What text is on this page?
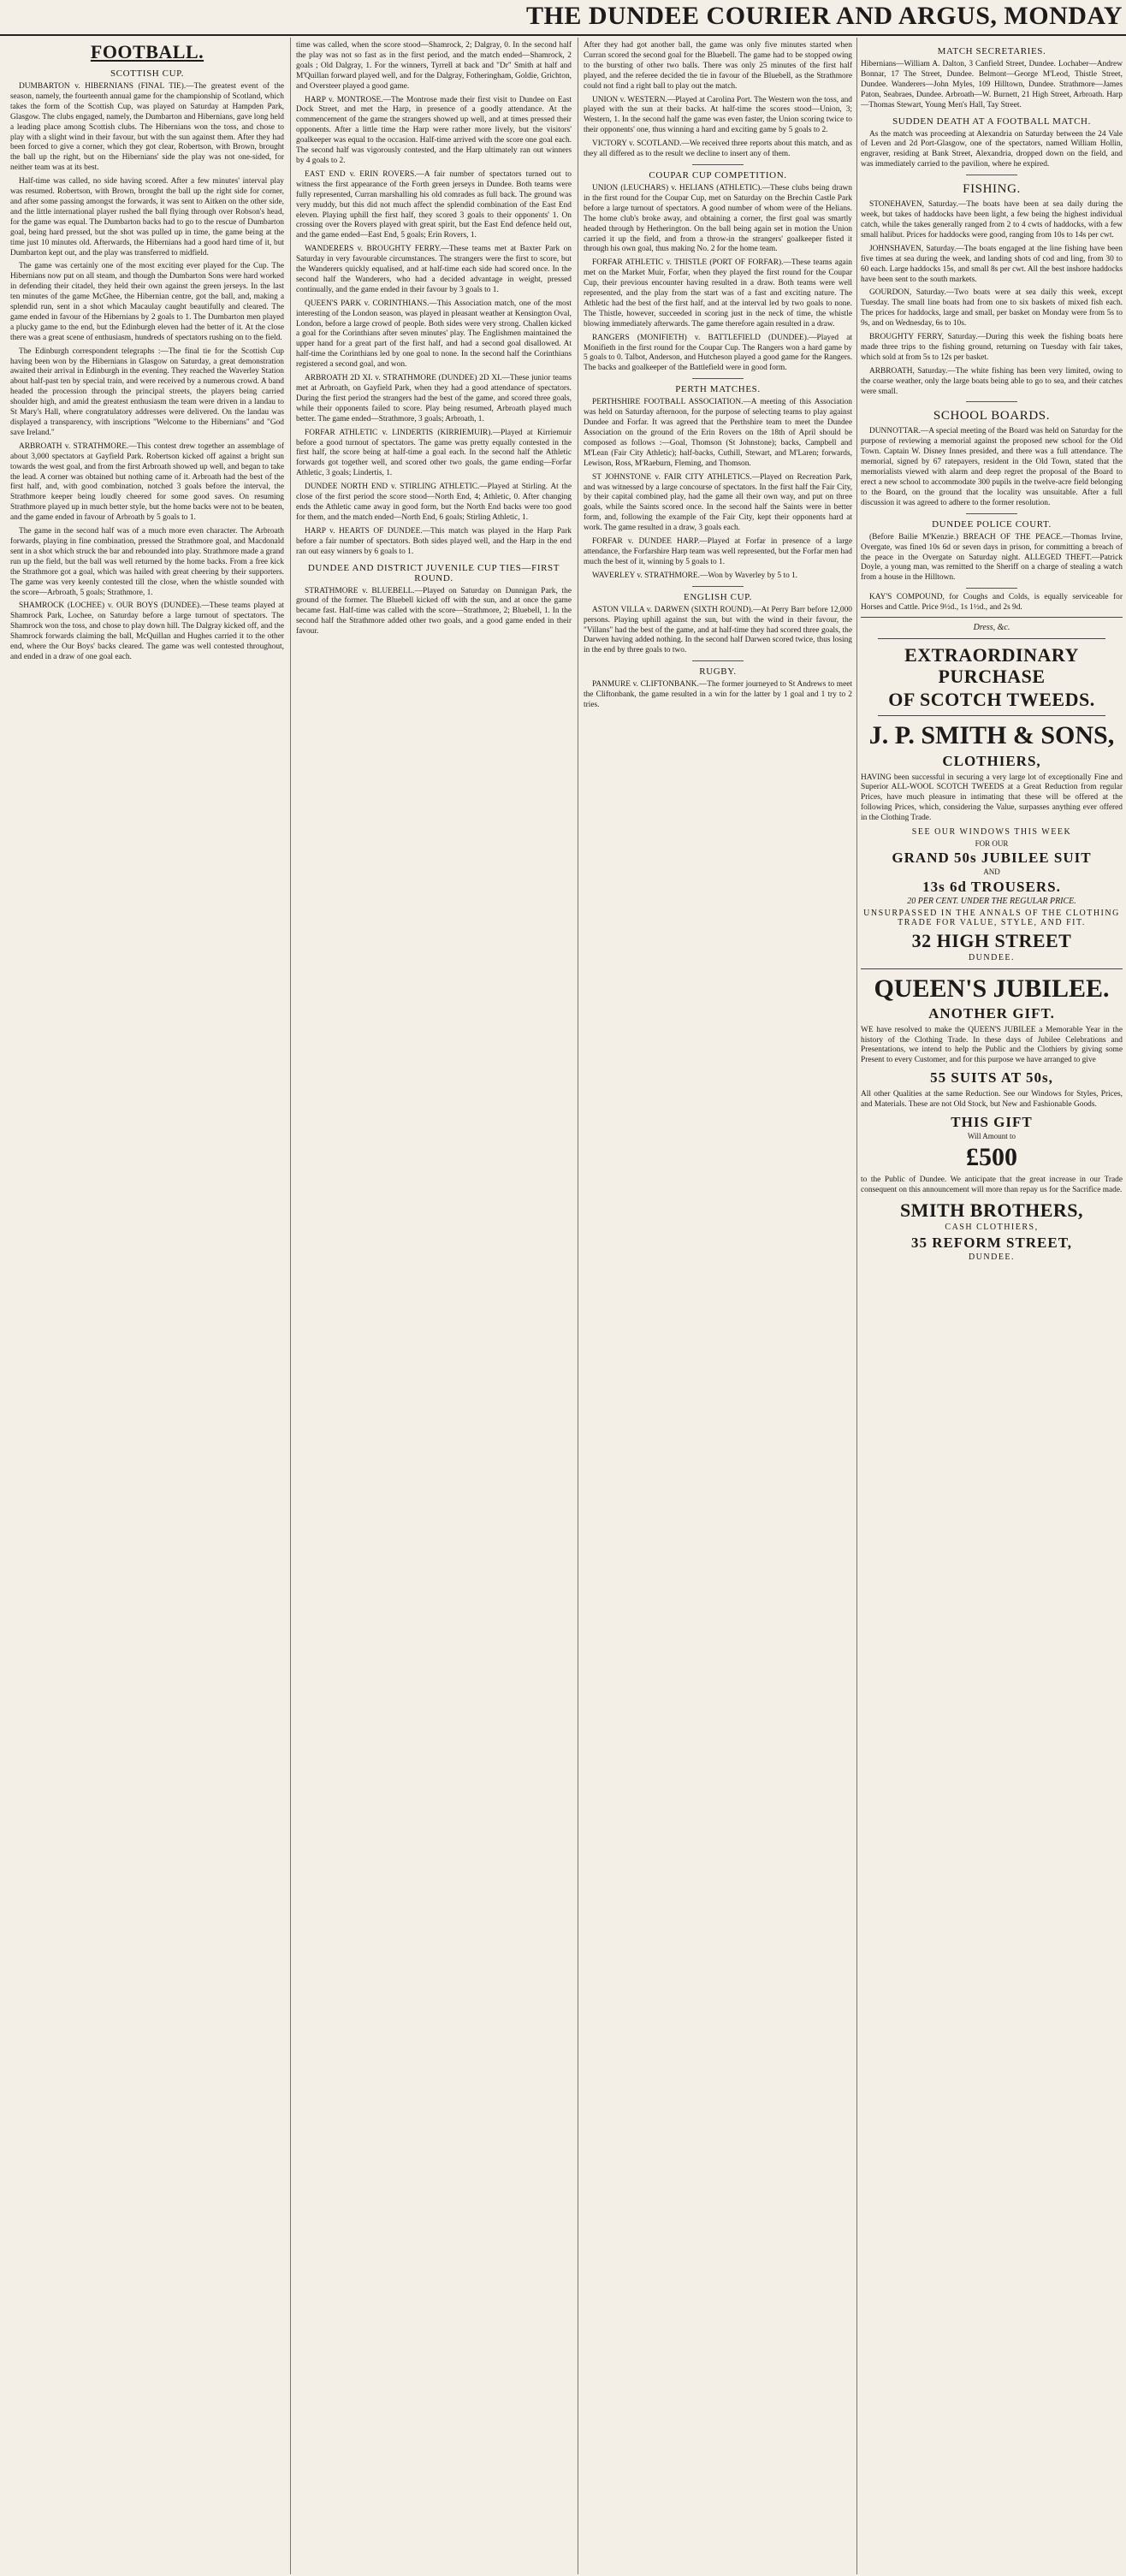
THE DUNDEE COURIER AND ARGUS, MONDAY
FOOTBALL.
SCOTTISH CUP.

DUMBARTON v. HIBERNIANS (FINAL TIE).—The greatest event of the season, namely, the fourteenth annual game for the championship of Scotland, which takes the form of the Scottish Cup, was played on Saturday at Hampden Park, Glasgow. The clubs engaged, namely, the Dumbarton and Hibernians, gave long held a leading place among Scottish clubs. The Hibernians won the toss, and chose to play with a slight wind in their favour, but with the sun against them. After they had been forced to give a corner, which they got clear, Robertson, with Brown, brought the ball up the right, but on the Hibernians' side the play was not one-sided, for neither team was at its best.

Half-time was called, no side having scored. After a few minutes' interval play was resumed. Robertson, with Brown, brought the ball up the right side for corner, and after some passing amongst the forwards, it was sent to Aitken on the other side, and the little international player rushed the ball flying through over Robson's head, for the game was equal. The Dumbarton backs had to go to the rescue of Dumbarton goal, being hard pressed, but the shot was pulled up in time, the game being at the time just 10 minutes old. Afterwards, the Hibernians had a good hard time of it, but Dumbarton kept out, and the play was transferred to midfield.

The game was certainly one of the most exciting ever played for the Cup. The Hibernians now put on all steam, and though the Dumbarton Sons were hard worked in defending their citadel, they held their own against the green jerseys. In the last ten minutes of the game McGhee, the Hibernian centre, got the ball, and, making a splendid run, sent in a shot which Macaulay caught beautifully and cleared. The game ended in favour of the Hibernians by 2 goals to 1. The Dumbarton men played a plucky game to the end, but the Edinburgh eleven had the better of it. At the close there was a great scene of enthusiasm, hundreds of spectators rushing on to the field.

The Edinburgh correspondent telegraphs :—The final tie for the Scottish Cup having been won by the Hibernians in Glasgow on Saturday, a great demonstration awaited their arrival in Edinburgh in the evening. They reached the Waverley Station about half-past ten by special train, and were received by a numerous crowd. A band headed the procession through the principal streets, the players being carried shoulder high, and amid the greatest enthusiasm the team were driven in a landau to St Mary's Hall, where congratulatory addresses were delivered. On the landau was displayed a transparency, with inscriptions "Welcome to the Hibernians" and "God save Ireland."

ARBROATH v. STRATHMORE.—This contest drew together an assemblage of about 3,000 spectators at Gayfield Park. Robertson kicked off against a bright sun towards the west goal, and from the first Arbroath showed up well, and began to take the lead. A corner was obtained but nothing came of it. Arbroath had the best of the first half, and, with good combination, notched 3 goals before the interval, the Strathmore keeper being loudly cheered for some good saves. On resuming Strathmore played up in much better style, but the home backs were not to be beaten, and the game ended in favour of Arbroath by 5 goals to 1.

The game in the second half was of a much more even character. The Arbroath forwards, playing in fine combination, pressed the Strathmore goal, and Macdonald sent in a shot which struck the bar and rebounded into play. Strathmore made a grand run up the field, but the ball was well returned by the home backs. From a free kick the Strathmore got a goal, which was hailed with great cheering by their supporters. The game was very keenly contested till the close, when the whistle sounded with the score—Arbroath, 5 goals; Strathmore, 1.

SHAMROCK (LOCHEE) v. OUR BOYS (DUNDEE).—These teams played at Shamrock Park, Lochee, on Saturday before a large turnout of spectators. The Shamrock won the toss, and chose to play down hill. The Dalgray kicked off, and the Shamrock forwards claiming the ball, McQuillan and Hughes carried it to the other end, where the Our Boys' backs cleared. The game was well contested throughout, and ended in a draw of one goal each.

time was called, when the score stood—Shamrock, 2; Dalgray, 0. In the second half the play was not so fast as in the first period, and the match ended—Shamrock, 2 goals ; Old Dalgray, 1. For the winners, Tyrrell at back and "Dr" Smith at half and M'Quillan forward played well, and for the Dalgray, Fotheringham, Goldie, Grichton, and Oversteer played a good game.

HARP v. MONTROSE.—The Montrose made their first visit to Dundee on East Dock Street, and met the Harp, in presence of a goodly attendance. At the commencement of the game the strangers showed up well, and at times pressed their opponents. After a little time the Harp were rather more lively, but the visitors' goalkeeper was equal to the occasion. Half-time arrived with the score one goal each. The second half was vigorously contested, and the Harp ultimately ran out winners by 4 goals to 2.

EAST END v. ERIN ROVERS.—A fair number of spectators turned out to witness the first appearance of the Forth green jerseys in Dundee. Both teams were fully represented, Curran marshalling his old comrades as full back. The ground was very muddy, but this did not much affect the splendid combination of the East End eleven. Playing uphill the first half, they scored 3 goals to their opponents' 1. On crossing over the Rovers played with great spirit, but the East End defence held out, and the game ended—East End, 5 goals; Erin Rovers, 1.

WANDERERS v. BROUGHTY FERRY.—These teams met at Baxter Park on Saturday in very favourable circumstances. The strangers were the first to score, but the Wanderers quickly equalised, and at half-time each side had scored once. In the second half the Wanderers, who had a decided advantage in weight, pressed continually, and the game ended in their favour by 3 goals to 1.

QUEEN'S PARK v. CORINTHIANS.—This Association match, one of the most interesting of the London season, was played in pleasant weather at Kensington Oval, London, before a large crowd of people. Both sides were very strong. Challen kicked a goal for the Corinthians after seven minutes' play. The Englishmen maintained the upper hand for a great part of the first half, and had a second goal disallowed. At half-time the Corinthians led by one goal to none. In the second half the Corinthians registered a second goal, and won.

ARBROATH 2D XI. v. STRATHMORE (DUNDEE) 2D XI.—These junior teams met at Arbroath, on Gayfield Park, when they had a good attendance of spectators. During the first period the strangers had the best of the game, and scored three goals, while their opponents failed to score. Play being resumed, Arbroath played much better. The game ended—Strathmore, 3 goals; Arbroath, 1.

FORFAR ATHLETIC v. LINDERTIS (KIRRIEMUIR).—Played at Kirriemuir before a good turnout of spectators. The game was pretty equally contested in the first half, the score being at half-time a goal each. In the second half the Athletic forwards got together well, and scored other two goals, the game ending—Forfar Athletic, 3 goals; Lindertis, 1.

DUNDEE NORTH END v. STIRLING ATHLETIC.—Played at Stirling. At the close of the first period the score stood—North End, 4; Athletic, 0. After changing ends the Athletic came away in good form, but the North End backs were too good for them, and the match ended—North End, 6 goals; Stirling Athletic, 1.

HARP v. HEARTS OF DUNDEE.—This match was played in the Harp Park before a fair number of spectators. Both sides played well, and the Harp in the end ran out easy winners by 6 goals to 1.

DUNDEE AND DISTRICT JUVENILE CUP TIES—FIRST ROUND.

STRATHMORE v. BLUEBELL.—Played on Saturday on Dunnigan Park, the ground of the former. The Bluebell kicked off with the sun, and at once the game became fast. Half-time was called with the score—Strathmore, 2; Bluebell, 1. In the second half the Strathmore added other two goals, and a good game ended in their favour.

After they had got another ball, the game was only five minutes started when Curran scored the second goal for the Bluebell. The game had to be stopped owing to the bursting of other two balls. There was only 25 minutes of the first half played, and the referee decided the tie in favour of the Bluebell, as the Strathmore could not find a right ball to play out the match.

UNION v. WESTERN.—Played at Carolina Port. The Western won the toss, and played with the sun at their backs. At half-time the scores stood—Union, 3; Western, 1. In the second half the game was even faster, the Union scoring twice to their opponents' one, thus winning a hard and exciting game by 5 goals to 2.

VICTORY v. SCOTLAND.—We received three reports about this match, and as they all differed as to the result we decline to insert any of them.

COUPAR CUP COMPETITION.

UNION (LEUCHARS) v. HELIANS (ATHLETIC).—These clubs being drawn in the first round for the Coupar Cup, met on Saturday on the Brechin Castle Park before a large turnout of spectators. A good number of whom were of the Helians. The home club's broke away, and obtaining a corner, the first goal was smartly headed through by Hetherington. On the ball being again set in motion the Union carried it up the field, and from a throw-in the strangers' goalkeeper fisted it through his own goal, thus making No. 2 for the home team.

FORFAR ATHLETIC v. THISTLE (PORT OF FORFAR).—These teams again met on the Market Muir, Forfar, when they played the first round for the Coupar Cup, their previous encounter having resulted in a draw. Both teams were well represented, and the play from the start was of a fast and exciting nature. The Athletic had the best of the first half, and at the interval led by two goals to none. The Thistle, however, succeeded in scoring just in the neck of time, the whistle blowing immediately afterwards. The game therefore again resulted in a draw.

RANGERS (MONIFIETH) v. BATTLEFIELD (DUNDEE).—Played at Monifieth in the first round for the Coupar Cup. The Rangers won a hard game by 5 goals to 0. Talbot, Anderson, and Hutcheson played a good game for the Rangers. The backs and goalkeeper of the Battlefield were in good form.

PERTH MATCHES.

PERTHSHIRE FOOTBALL ASSOCIATION.—A meeting of this Association was held on Saturday afternoon, for the purpose of selecting teams to play against Dundee and Forfar. It was agreed that the Perthshire team to meet the Dundee Association on the ground of the Erin Rovers on the 18th of April should be composed as follows :—Goal, Thomson (St Johnstone); backs, Campbell and M'Lean (Fair City Athletic); half-backs, Cuthill, Stewart, and M'Laren; forwards, Lewison, Ross, M'Raeburn, Fleming, and Thomson.

ST JOHNSTONE v. FAIR CITY ATHLETICS.—Played on Recreation Park, and was witnessed by a large concourse of spectators. In the first half the Fair City, by their capital combined play, had the game all their own way, and put on three goals, while the Saints scored once. In the second half the Saints were in better form, and, following the example of the Fair City, kept their opponents hard at work. The game resulted in a draw, 3 goals each.

FORFAR v. DUNDEE HARP.—Played at Forfar in presence of a large attendance, the Forfarshire Harp team was well represented, but the Forfar men had much the best of it, winning by 5 goals to 1.

WAVERLEY v. STRATHMORE.—Won by Waverley by 5 to 1.

ENGLISH CUP.

ASTON VILLA v. DARWEN (SIXTH ROUND).—At Perry Barr before 12,000 persons. Playing uphill against the sun, but with the wind in their favour, the "Villans" had the best of the game, and at half-time they had scored three goals, the Darwen having added nothing. In the second half Darwen scored twice, thus losing in the end by three goals to two.

RUGBY.

PANMURE v. CLIFTONBANK.—The former journeyed to St Andrews to meet the Cliftonbank, the game resulted in a win for the latter by 1 goal and 1 try to 2 tries.

MATCH SECRETARIES.

Hibernians—William A. Dalton, 3 Canfield Street, Dundee. Lochaber—Andrew Bonnar, 17 The Street, Dundee. Belmont—George M'Leod, Thistle Street, Dundee. Wanderers—John Myles, 109 Hilltown, Dundee. Strathmore—James Paton, Seabraes, Dundee. Arbroath—W. Burnett, 21 High Street, Arbroath. Harp—Thomas Stewart, Young Men's Hall, Tay Street.

SUDDEN DEATH AT A FOOTBALL MATCH.

As the match was proceeding at Alexandria on Saturday between the 24 Vale of Leven and 2d Port-Glasgow, one of the spectators, named William Hollin, engraver, residing at Bank Street, Alexandria, dropped down on the field, and was immediately carried to the pavilion, where he expired.

FISHING.

STONEHAVEN, Saturday.—The boats have been at sea daily during the week, but takes of haddocks have been light, a few being the highest individual catch, while the takes generally ranged from 2 to 4 cwts of haddocks, with a few small halibut. Prices for haddocks were good, ranging from 10s to 14s per cwt.

JOHNSHAVEN, Saturday.—The boats engaged at the line fishing have been five times at sea during the week, and landing shots of cod and ling, from 30 to 60 each. Large haddocks 15s, and small 8s per cwt. All the best inshore haddocks have been sent to the south markets.

GOURDON, Saturday.—Two boats were at sea daily this week, except Tuesday. The small line boats had from one to six baskets of mixed fish each. The prices for haddocks, large and small, per basket on Monday were from 5s to 9s, and on Wednesday, 6s to 10s.

BROUGHTY FERRY, Saturday.—During this week the fishing boats here made three trips to the fishing ground, returning on Tuesday with fair takes, which sold at from 5s to 12s per basket.

ARBROATH, Saturday.—The white fishing has been very limited, owing to the coarse weather, only the large boats being able to go to sea, and their catches were small.

SCHOOL BOARDS.

DUNNOTTAR.—A special meeting of the Board was held on Saturday for the purpose of reviewing a memorial against the proposed new school for the Old Town. Captain W. Disney Innes presided, and there was a full attendance. The memorial, signed by 67 ratepayers, resident in the Old Town, stated that the memorialists viewed with alarm and deep regret the proposal of the Board to erect a new school to accommodate 300 pupils in the twelve-acre field belonging to the Board, on the ground that the locality was unsuitable. After a full discussion it was agreed to adhere to the former resolution.

DUNDEE POLICE COURT.

(Before Bailie M'Kenzie.) BREACH OF THE PEACE.—Thomas Irvine, Overgate, was fined 10s 6d or seven days in prison, for committing a breach of the peace in the Overgate on Saturday night. ALLEGED THEFT.—Patrick Doyle, a young man, was remitted to the Sheriff on a charge of stealing a watch from a house in the Hilltown.

KAY'S COMPOUND, for Coughs and Colds, is equally serviceable for Horses and Cattle. Price 9½d., 1s 1½d., and 2s 9d.

Dress, &c.
EXTRAORDINARY PURCHASE
OF SCOTCH TWEEDS.
J. P. SMITH & SONS,
CLOTHIERS,
HAVING been successful in securing a very large lot of exceptionally Fine and Superior ALL-WOOL SCOTCH TWEEDS at a Great Reduction from regular Prices, have much pleasure in intimating that these will be offered at the following Prices, which, considering the Value, surpasses anything ever offered in the Clothing Trade.
SEE OUR WINDOWS THIS WEEK
FOR OUR
GRAND 50s JUBILEE SUIT
AND
13s 6d TROUSERS.
20 PER CENT. UNDER THE REGULAR PRICE.
UNSURPASSED IN THE ANNALS OF THE CLOTHING TRADE FOR VALUE, STYLE, AND FIT.
32 HIGH STREET
DUNDEE.
QUEEN'S JUBILEE.
ANOTHER GIFT.
WE have resolved to make the QUEEN'S JUBILEE a Memorable Year in the history of the Clothing Trade. In these days of Jubilee Celebrations and Presentations, we intend to help the Public and the Clothiers by giving some Present to every Customer, and for this purpose we have arranged to give
55 SUITS AT 50s,
All other Qualities at the same Reduction. See our Windows for Styles, Prices, and Materials. These are not Old Stock, but New and Fashionable Goods.
THIS GIFT
Will Amount to
£500
to the Public of Dundee. We anticipate that the great increase in our Trade consequent on this announcement will more than repay us for the Sacrifice made.
SMITH BROTHERS,
CASH CLOTHIERS,
35 REFORM STREET,
DUNDEE.
